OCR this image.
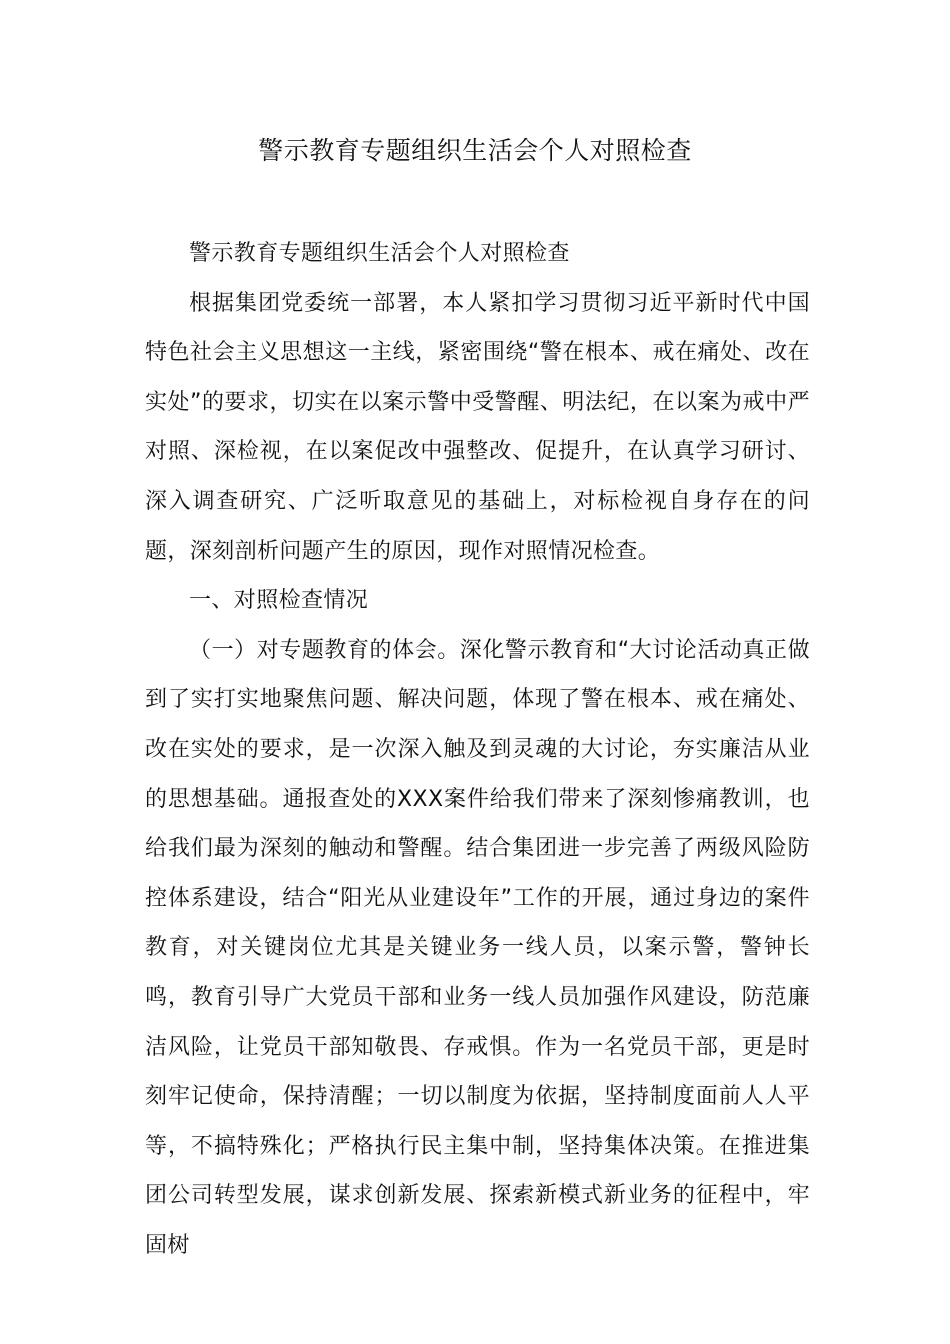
警示教育专题组织生活会个人对照检查

警示教育专题组织生活会个人对照检查

根据集团党委统一部署，本人紧扣学习贯彻习近平新时代中国特色社会主义思想这一主线，紧密围绕“警在根本、戒在痛处、改在实处”的要求，切实在以案示警中受警醒、明法纪，在以案为戒中严对照、深检视，在以案促改中强整改、促提升，在认真学习研讨、深入调查研究、广泛听取意见的基础上，对标检视自身存在的问题，深刻剖析问题产生的原因，现作对照情况检查。

一、对照检查情况

（一）对专题教育的体会。深化警示教育和“大讨论活动真正做到了实打实地聚焦问题、解决问题，体现了警在根本、戒在痛处、改在实处的要求，是一次深入触及到灵魂的大讨论，夯实廉洁从业的思想基础。通报查处的XXX案件给我们带来了深刻惨痛教训，也给我们最为深刻的触动和警醒。结合集团进一步完善了两级风险防控体系建设，结合“阳光从业建设年”工作的开展，通过身边的案件教育，对关键岗位尤其是关键业务一线人员，以案示警，警钟长鸣，教育引导广大党员干部和业务一线人员加强作风建设，防范廉洁风险，让党员干部知敬畏、存戒惧。作为一名党员干部，更是时刻牢记使命，保持清醒；一切以制度为依据，坚持制度面前人人平等，不搞特殊化；严格执行民主集中制，坚持集体决策。在推进集团公司转型发展，谋求创新发展、探索新模式新业务的征程中，牢固树
